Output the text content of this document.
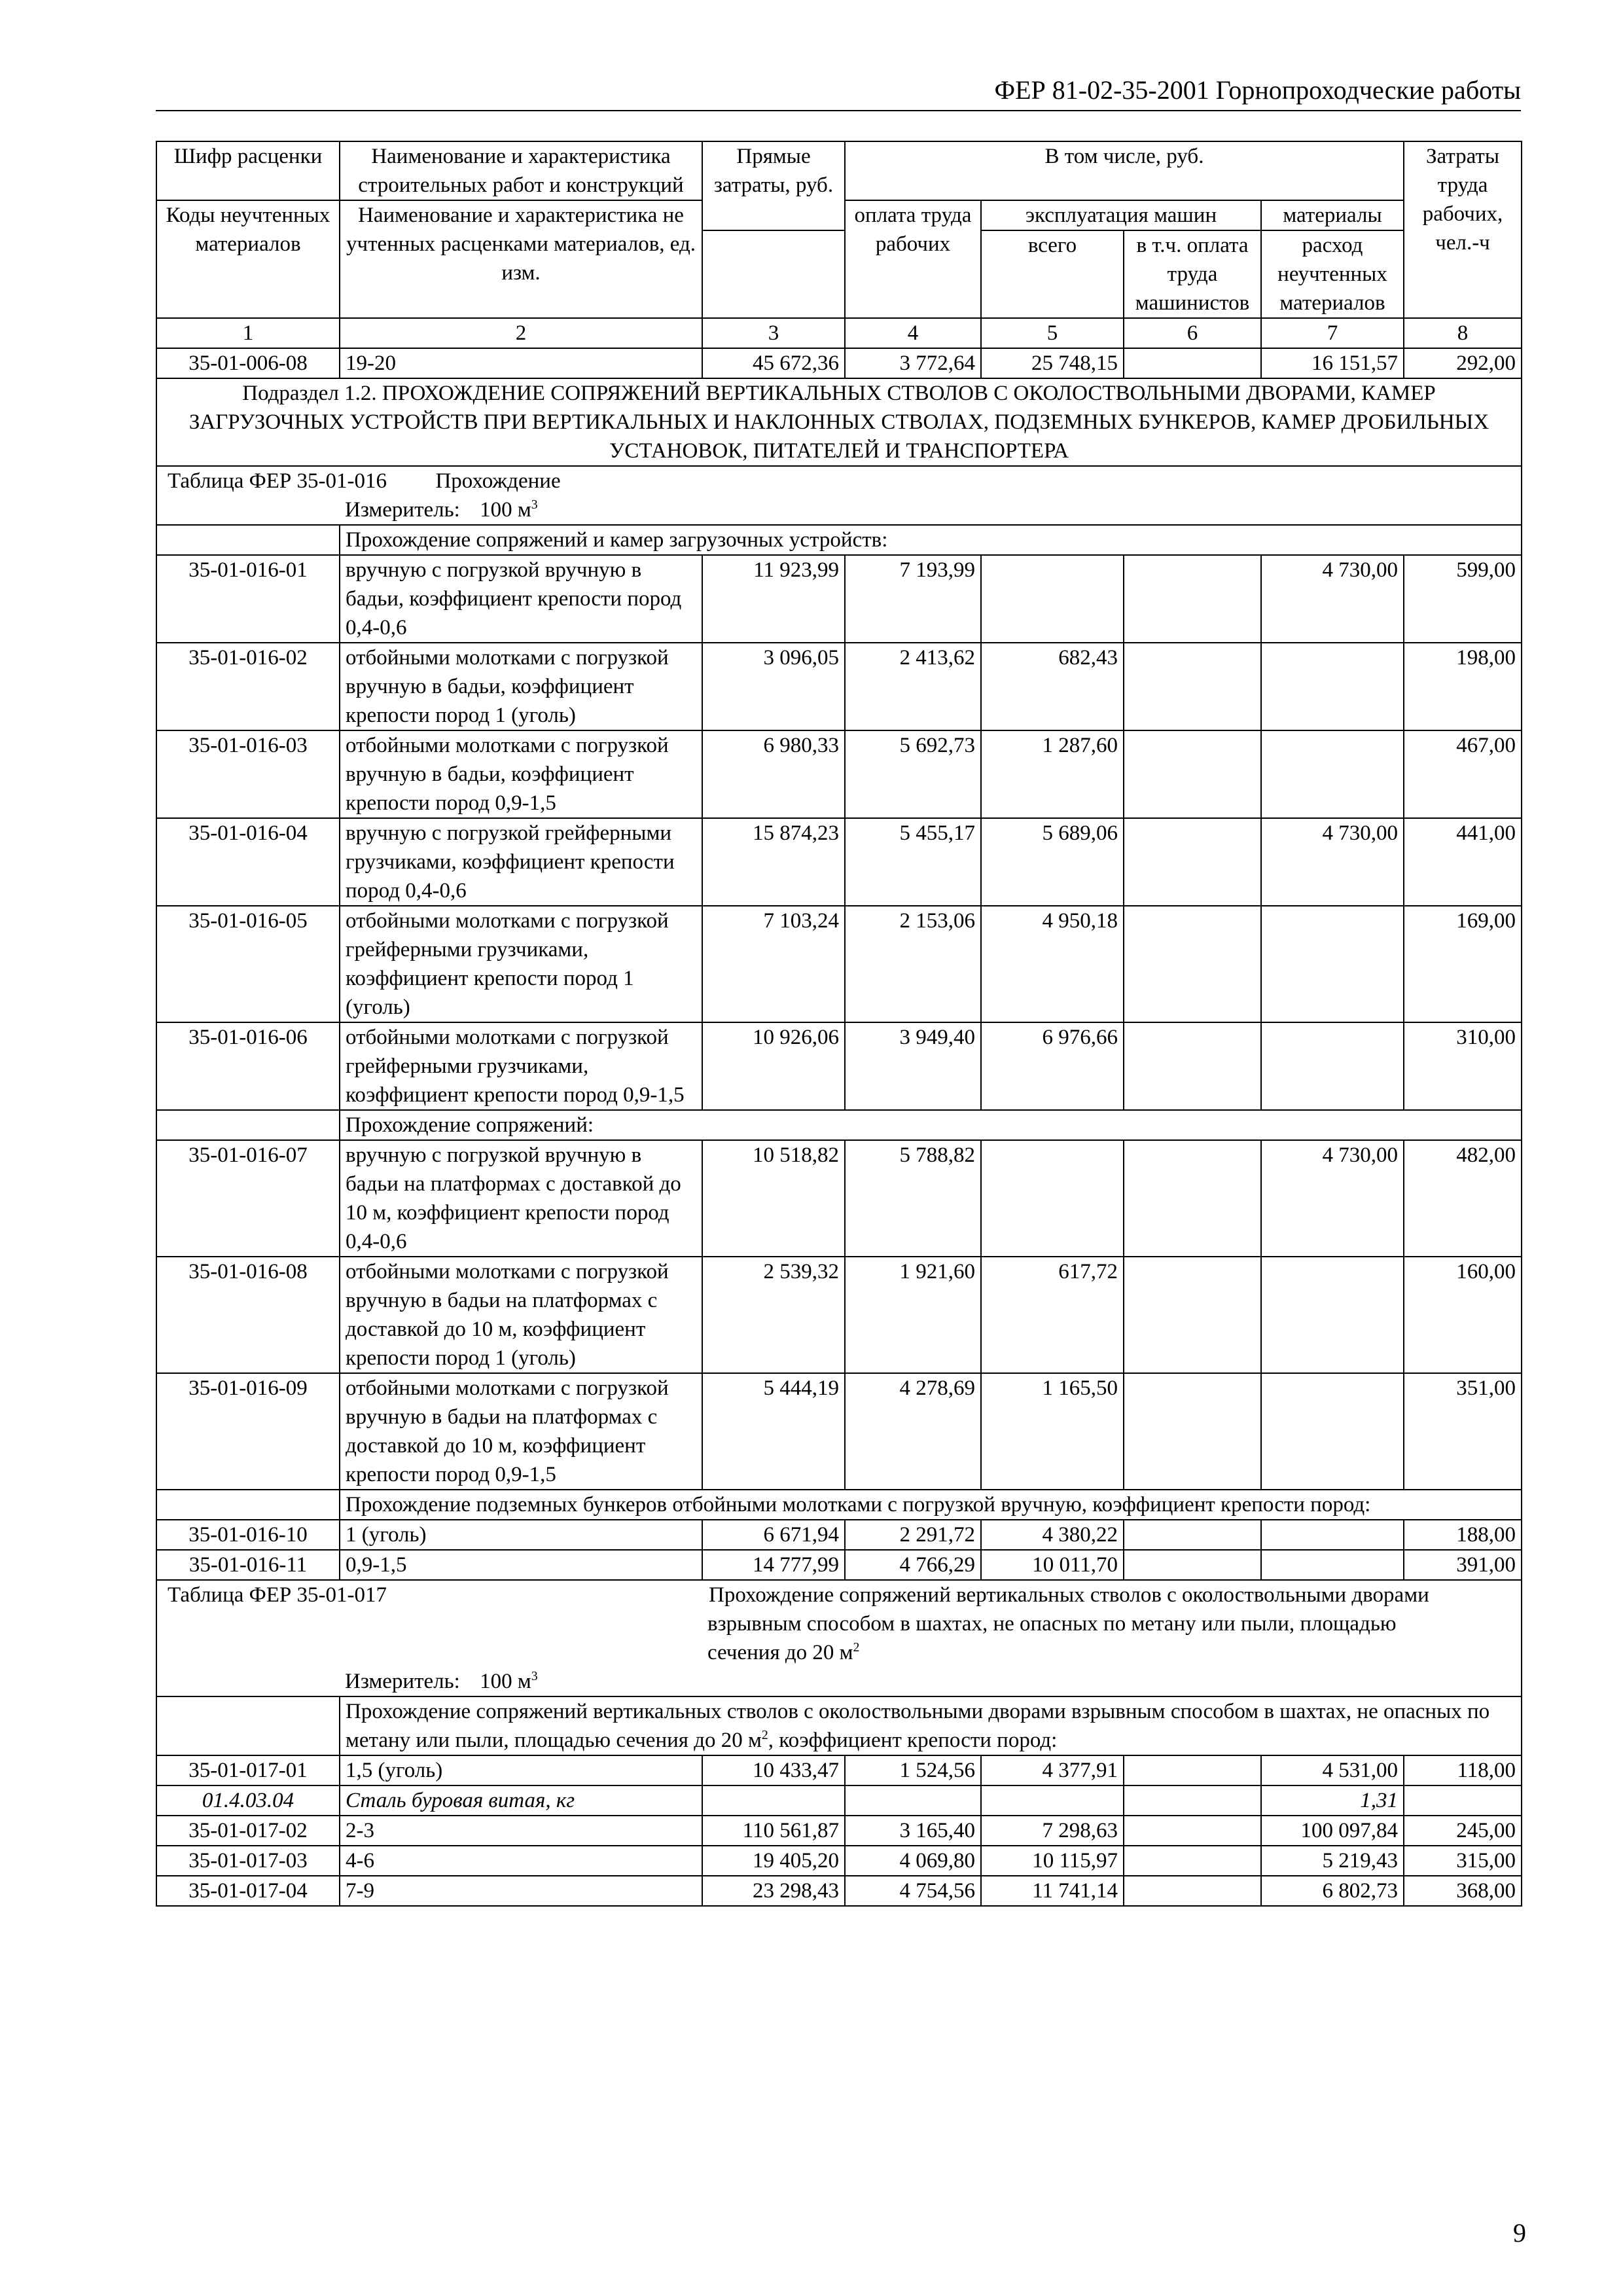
ФЕР 81-02-35-2001 Горнопроходческие работы
Шифр расценки	Наименование и характеристика строительных работ и конструкций	Прямые затраты, руб.	В том числе, руб.				Затраты труда рабочих, чел.-ч
Коды неучтенных материалов	Наименование и характеристика не учтенных расценками материалов, ед. изм.						
			оплата труда рабочих	эксплуатация машин		материалы	
				всего	в т.ч. оплата труда машинистов	расход неучтенных материалов	
1	2	3	4	5	6	7	8
35-01-006-08	19-20	45 672,36	3 772,64	25 748,15		16 151,57	292,00
Подраздел 1.2. ПРОХОЖДЕНИЕ СОПРЯЖЕНИЙ ВЕРТИКАЛЬНЫХ СТВОЛОВ С ОКОЛОСТВОЛЬНЫМИ ДВОРАМИ, КАМЕР ЗАГРУЗОЧНЫХ УСТРОЙСТВ ПРИ ВЕРТИКАЛЬНЫХ И НАКЛОННЫХ СТВОЛАХ, ПОДЗЕМНЫХ БУНКЕРОВ, КАМЕР ДРОБИЛЬНЫХ УСТАНОВОК, ПИТАТЕЛЕЙ И ТРАНСПОРТЕРА							
Таблица ФЕР 35-01-016 Прохождение							
	Измеритель: 100 $м^3$
	Прохождение сопряжений и камер загрузочных устройств:						
35-01-016-01	вручную с погрузкой вручную в бадьи, коэффициент крепости пород 0,4-0,6	11 923,99	7 193,99			4 730,00	599,00
35-01-016-02	отбойными молотками с погрузкой вручную в бадьи, коэффициент крепости пород 1 (уголь)	3 096,05	2 413,62	682,43			198,00
35-01-016-03	отбойными молотками с погрузкой вручную в бадьи, коэффициент крепости пород 0,9-1,5	6 980,33	5 692,73	1 287,60			467,00
35-01-016-04	вручную с погрузкой грейферными грузчиками, коэффициент крепости пород 0,4-0,6	15 874,23	5 455,17	5 689,06		4 730,00	441,00
35-01-016-05	отбойными молотками с погрузкой грейферными грузчиками, коэффициент крепости пород 1 (уголь)	7 103,24	2 153,06	4 950,18			169,00
35-01-016-06	отбойными молотками с погрузкой грейферными грузчиками, коэффициент крепости пород 0,9-1,5	10 926,06	3 949,40	6 976,66			310,00
	Прохождение сопряжений:						
35-01-016-07	вручную с погрузкой вручную в бадьи на платформах с доставкой до 10 м, коэффициент крепости пород 0,4-0,6	10 518,82	5 788,82			4 730,00	482,00
35-01-016-08	отбойными молотками с погрузкой вручную в бадьи на платформах с доставкой до 10 м, коэффициент крепости пород 1 (уголь)	2 539,32	1 921,60	617,72			160,00
35-01-016-09	отбойными молотками с погрузкой вручную в бадьи на платформах с доставкой до 10 м, коэффициент крепости пород 0,9-1,5	5 444,19	4 278,69	1 165,50			351,00
	Прохождение подземных бункеров отбойными молотками с погрузкой вручную, коэффициент крепости пород:						
35-01-016-10	1 (уголь)	6 671,94	2 291,72	4 380,22			188,00
35-01-016-11	0,9-1,5	14 777,99	4 766,29	10 011,70			391,00
Таблица ФЕР 35-01-017		Прохождение сопряжений вертикальных стволов с околоствольными дворами взрывным способом в шахтах, не опасных по метану или пыли, площадью сечения до 20 $м^2$
	Измеритель: 100 $м^3$
	Прохождение сопряжений вертикальных стволов с околоствольными дворами взрывным способом в шахтах, не опасных по метану или пыли, площадью сечения до 20 $м^2$, коэффициент крепости пород:						
35-01-017-01	1,5 (уголь)	10 433,47	1 524,56	4 377,91		4 531,00	118,00
01.4.03.04	Сталь буровая витая, кг					1,31	
35-01-017-02	2-3	110 561,87	3 165,40	7 298,63		100 097,84	245,00
35-01-017-03	4-6	19 405,20	4 069,80	10 115,97		5 219,43	315,00
35-01-017-04	7-9	23 298,43	4 754,56	11 741,14		6 802,73	368,00
9
